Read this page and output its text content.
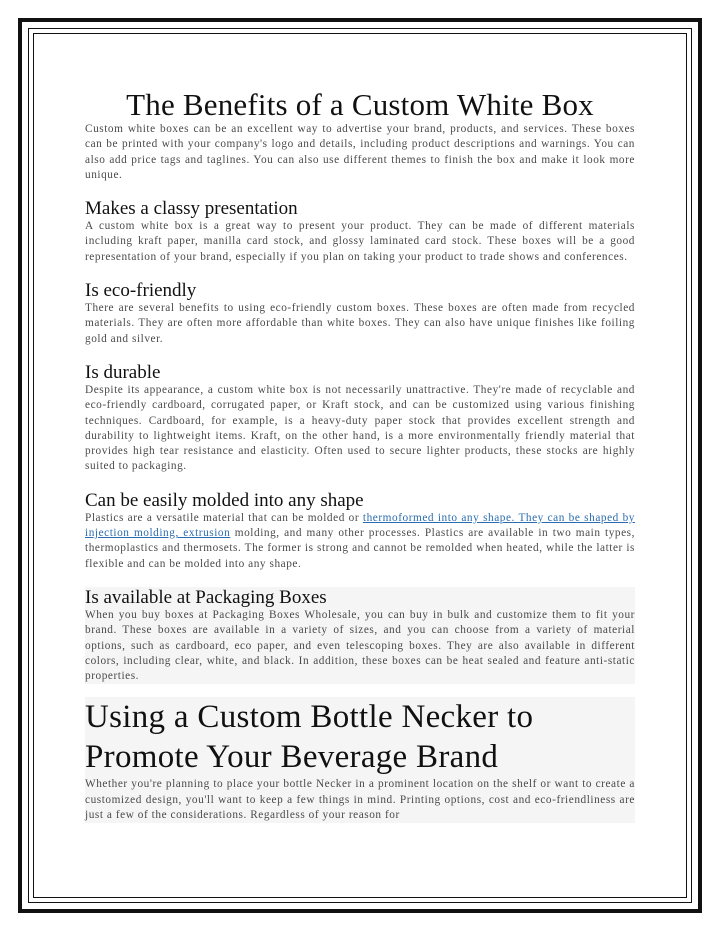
The Benefits of a Custom White Box

Custom white boxes can be an excellent way to advertise your brand, products, and services. These boxes can be printed with your company's logo and details, including product descriptions and warnings. You can also add price tags and taglines. You can also use different themes to finish the box and make it look more unique.

Makes a classy presentation

A custom white box is a great way to present your product. They can be made of different materials including kraft paper, manilla card stock, and glossy laminated card stock. These boxes will be a good representation of your brand, especially if you plan on taking your product to trade shows and conferences.

Is eco-friendly

There are several benefits to using eco-friendly custom boxes. These boxes are often made from recycled materials. They are often more affordable than white boxes. They can also have unique finishes like foiling gold and silver.

Is durable

Despite its appearance, a custom white box is not necessarily unattractive. They're made of recyclable and eco-friendly cardboard, corrugated paper, or Kraft stock, and can be customized using various finishing techniques. Cardboard, for example, is a heavy-duty paper stock that provides excellent strength and durability to lightweight items. Kraft, on the other hand, is a more environmentally friendly material that provides high tear resistance and elasticity. Often used to secure lighter products, these stocks are highly suited to packaging.

Can be easily molded into any shape

Plastics are a versatile material that can be molded or thermoformed into any shape. They can be shaped by injection molding, extrusion molding, and many other processes. Plastics are available in two main types, thermoplastics and thermosets. The former is strong and cannot be remolded when heated, while the latter is flexible and can be molded into any shape.

Is available at Packaging Boxes

When you buy boxes at Packaging Boxes Wholesale, you can buy in bulk and customize them to fit your brand. These boxes are available in a variety of sizes, and you can choose from a variety of material options, such as cardboard, eco paper, and even telescoping boxes. They are also available in different colors, including clear, white, and black. In addition, these boxes can be heat sealed and feature anti-static properties.

Using a Custom Bottle Necker to Promote Your Beverage Brand

Whether you're planning to place your bottle Necker in a prominent location on the shelf or want to create a customized design, you'll want to keep a few things in mind. Printing options, cost and eco-friendliness are just a few of the considerations. Regardless of your reason for
